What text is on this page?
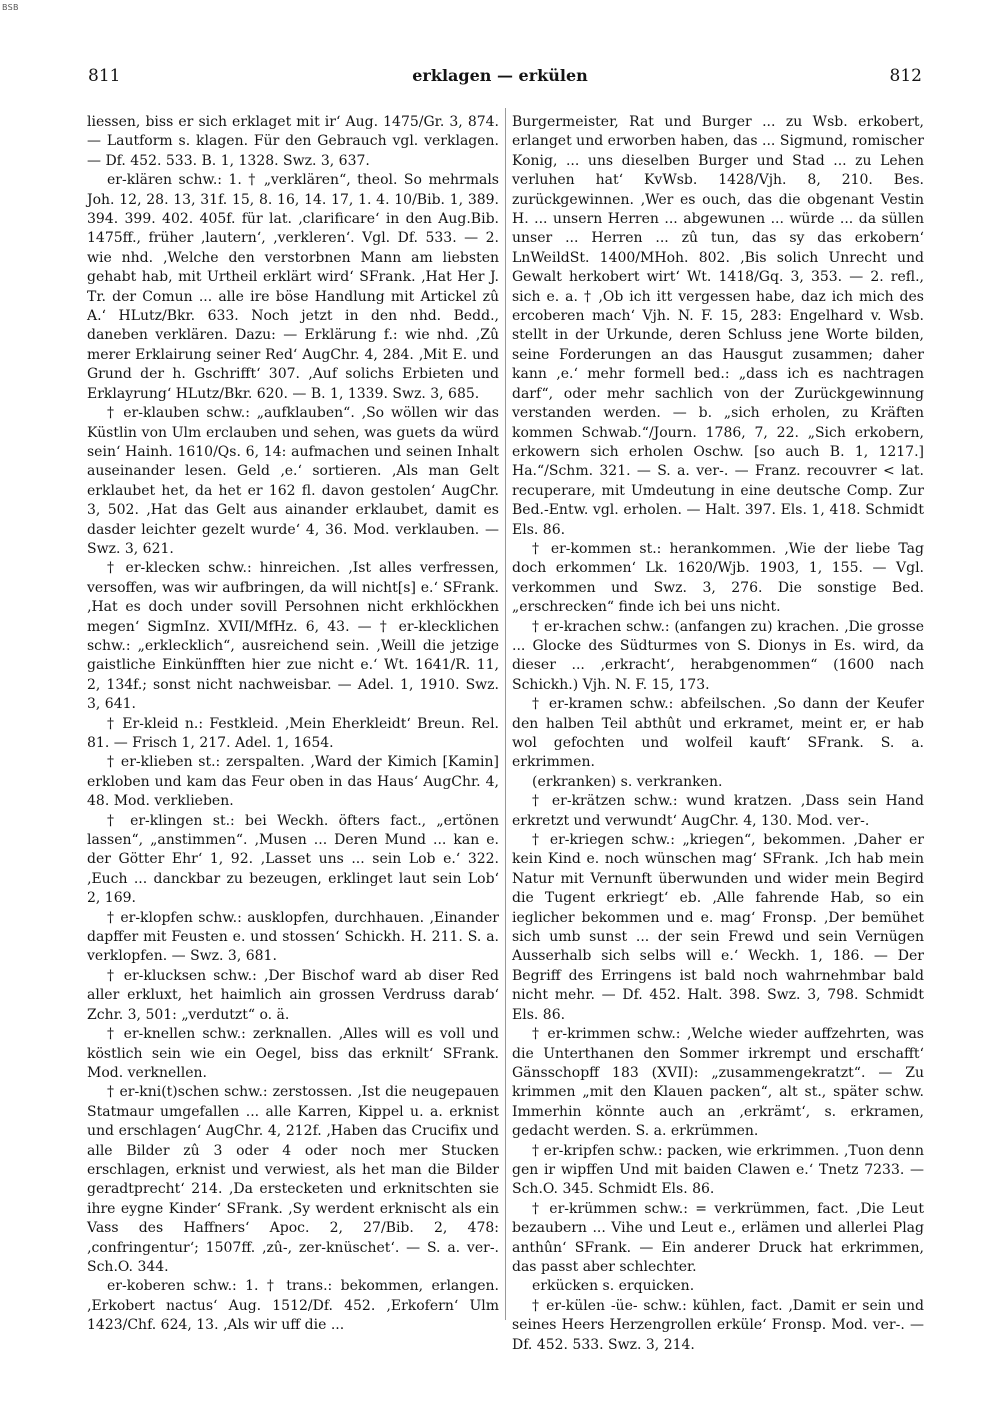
BSB
811	erklagen — erkülen	812

liessen, biss er sich erklaget mit ir‘ Aug. 1475/Gr. 3, 874. — Lautform s. klagen. Für den Gebrauch vgl. verklagen. — Df. 452. 533. B. 1, 1328. Swz. 3, 637.

er-klären schw.: 1. † „verklären“, theol. So mehrmals Joh. 12, 28. 13, 31f. 15, 8. 16, 14. 17, 1. 4. 10/Bib. 1, 389. 394. 399. 402. 405f. für lat. ‚clarificare‘ in den Aug.Bib. 1475ff., früher ‚lautern‘, ‚verkleren‘. Vgl. Df. 533. — 2. wie nhd. ‚Welche den verstorbnen Mann am liebsten gehabt hab, mit Urtheil erklärt wird‘ SFrank. ‚Hat Her J. Tr. der Comun ... alle ire böse Handlung mit Artickel zû A.‘ HLutz/Bkr. 633. Noch jetzt in den nhd. Bedd., daneben verklären. Dazu: — Erklärung f.: wie nhd. ‚Zû merer Erklairung seiner Red‘ AugChr. 4, 284. ‚Mit E. und Grund der h. Gschrifft‘ 307. ‚Auf solichs Erbieten und Erklayrung‘ HLutz/Bkr. 620. — B. 1, 1339. Swz. 3, 685.

† er-klauben schw.: „aufklauben“. ‚So wöllen wir das Küstlin von Ulm erclauben und sehen, was guets da würd sein‘ Hainh. 1610/Qs. 6, 14: aufmachen und seinen Inhalt auseinander lesen. Geld ‚e.‘ sortieren. ‚Als man Gelt erklaubet het, da het er 162 fl. davon gestolen‘ AugChr. 3, 502. ‚Hat das Gelt aus ainander erklaubet, damit es dasder leichter gezelt wurde‘ 4, 36. Mod. verklauben. — Swz. 3, 621.

† er-klecken schw.: hinreichen. ‚Ist alles verfressen, versoffen, was wir aufbringen, da will nicht[s] e.‘ SFrank. ‚Hat es doch under sovill Persohnen nicht erkhlöckhen megen‘ SigmInz. XVII/MfHz. 6, 43. — † er-klecklichen schw.: „erklecklich“, ausreichend sein. ‚Weill die jetzige gaistliche Einkünfften hier zue nicht e.‘ Wt. 1641/R. 11, 2, 134f.; sonst nicht nachweisbar. — Adel. 1, 1910. Swz. 3, 641.

† Er-kleid n.: Festkleid. ‚Mein Eherkleidt‘ Breun. Rel. 81. — Frisch 1, 217. Adel. 1, 1654.

† er-klieben st.: zerspalten. ‚Ward der Kimich [Kamin] erkloben und kam das Feur oben in das Haus‘ AugChr. 4, 48. Mod. verklieben.

† er-klingen st.: bei Weckh. öfters fact., „ertönen lassen“, „anstimmen“. ‚Musen ... Deren Mund ... kan e. der Götter Ehr‘ 1, 92. ‚Lasset uns ... sein Lob e.‘ 322. ‚Euch ... danckbar zu bezeugen, erklinget laut sein Lob‘ 2, 169.

† er-klopfen schw.: ausklopfen, durchhauen. ‚Einander dapffer mit Feusten e. und stossen‘ Schickh. H. 211. S. a. verklopfen. — Swz. 3, 681.

† er-klucksen schw.: ‚Der Bischof ward ab diser Red aller erkluxt, het haimlich ain grossen Verdruss darab‘ Zchr. 3, 501: „verdutzt“ o. ä.

† er-knellen schw.: zerknallen. ‚Alles will es voll und köstlich sein wie ein Oegel, biss das erknilt‘ SFrank. Mod. verknellen.

† er-kni(t)schen schw.: zerstossen. ‚Ist die neugepauen Statmaur umgefallen ... alle Karren, Kippel u. a. erknist und erschlagen‘ AugChr. 4, 212f. ‚Haben das Crucifix und alle Bilder zû 3 oder 4 oder noch mer Stucken erschlagen, erknist und verwiest, als het man die Bilder geradtprecht‘ 214. ‚Da erstecketen und erknitschten sie ihre eygne Kinder‘ SFrank. ‚Sy werdent erknischt als ein Vass des Haffners‘ Apoc. 2, 27/Bib. 2, 478: ‚confringentur‘; 1507ff. ‚zû-, zer-knüschet‘. — S. a. ver-. Sch.O. 344.

er-koberen schw.: 1. † trans.: bekommen, erlangen. ‚Erkobert nactus‘ Aug. 1512/Df. 452. ‚Erkofern‘ Ulm 1423/Chf. 624, 13. ‚Als wir uff die ...

Burgermeister, Rat und Burger ... zu Wsb. erkobert, erlanget und erworben haben, das ... Sigmund, romischer Konig, ... uns dieselben Burger und Stad ... zu Lehen verluhen hat‘ KvWsb. 1428/Vjh. 8, 210. Bes. zurückgewinnen. ‚Wer es ouch, das die obgenant Vestin H. ... unsern Herren ... abgewunen ... würde ... da süllen unser ... Herren ... zû tun, das sy das erkobern‘ LnWeildSt. 1400/MHoh. 802. ‚Bis solich Unrecht und Gewalt herkobert wirt‘ Wt. 1418/Gq. 3, 353. — 2. refl., sich e. a. † ‚Ob ich itt vergessen habe, daz ich mich des ercoberen mach‘ Vjh. N. F. 15, 283: Engelhard v. Wsb. stellt in der Urkunde, deren Schluss jene Worte bilden, seine Forderungen an das Hausgut zusammen; daher kann ‚e.‘ mehr formell bed.: „dass ich es nachtragen darf“, oder mehr sachlich von der Zurückgewinnung verstanden werden. — b. „sich erholen, zu Kräften kommen Schwab.“/Journ. 1786, 7, 22. „Sich erkobern, erkowern sich erholen Oschw. [so auch B. 1, 1217.] Ha.“/Schm. 321. — S. a. ver-. — Franz. recouvrer < lat. recuperare, mit Umdeutung in eine deutsche Comp. Zur Bed.-Entw. vgl. erholen. — Halt. 397. Els. 1, 418. Schmidt Els. 86.

† er-kommen st.: herankommen. ‚Wie der liebe Tag doch erkommen‘ Lk. 1620/Wjb. 1903, 1, 155. — Vgl. verkommen und Swz. 3, 276. Die sonstige Bed. „erschrecken“ finde ich bei uns nicht.

† er-krachen schw.: (anfangen zu) krachen. ‚Die grosse ... Glocke des Südturmes von S. Dionys in Es. wird, da dieser ... ‚erkracht‘, herabgenommen“ (1600 nach Schickh.) Vjh. N. F. 15, 173.

† er-kramen schw.: abfeilschen. ‚So dann der Keufer den halben Teil abthût und erkramet, meint er, er hab wol gefochten und wolfeil kauft‘ SFrank. S. a. erkrimmen.

(erkranken) s. verkranken.

† er-krätzen schw.: wund kratzen. ‚Dass sein Hand erkretzt und verwundt‘ AugChr. 4, 130. Mod. ver-.

† er-kriegen schw.: „kriegen“, bekommen. ‚Daher er kein Kind e. noch wünschen mag‘ SFrank. ‚Ich hab mein Natur mit Vernunft überwunden und wider mein Begird die Tugent erkriegt‘ eb. ‚Alle fahrende Hab, so ein ieglicher bekommen und e. mag‘ Fronsp. ‚Der bemühet sich umb sunst ... der sein Frewd und sein Vernügen Ausserhalb sich selbs will e.‘ Weckh. 1, 186. — Der Begriff des Erringens ist bald noch wahrnehmbar bald nicht mehr. — Df. 452. Halt. 398. Swz. 3, 798. Schmidt Els. 86.

† er-krimmen schw.: ‚Welche wieder auffzehrten, was die Unterthanen den Sommer irkrempt und erschafft‘ Gänsschopff 183 (XVII): „zusammengekratzt“. — Zu krimmen „mit den Klauen packen“, alt st., später schw. Immerhin könnte auch an ‚erkrämt‘, s. erkramen, gedacht werden. S. a. erkrümmen.

† er-kripfen schw.: packen, wie erkrimmen. ‚Tuon denn gen ir wipffen Und mit baiden Clawen e.‘ Tnetz 7233. — Sch.O. 345. Schmidt Els. 86.

† er-krümmen schw.: = verkrümmen, fact. ‚Die Leut bezaubern ... Vihe und Leut e., erlämen und allerlei Plag anthûn‘ SFrank. — Ein anderer Druck hat erkrimmen, das passt aber schlechter.

erkücken s. erquicken.

† er-külen -üe- schw.: kühlen, fact. ‚Damit er sein und seines Heers Herzengrollen erküle‘ Fronsp. Mod. ver-. — Df. 452. 533. Swz. 3, 214.
